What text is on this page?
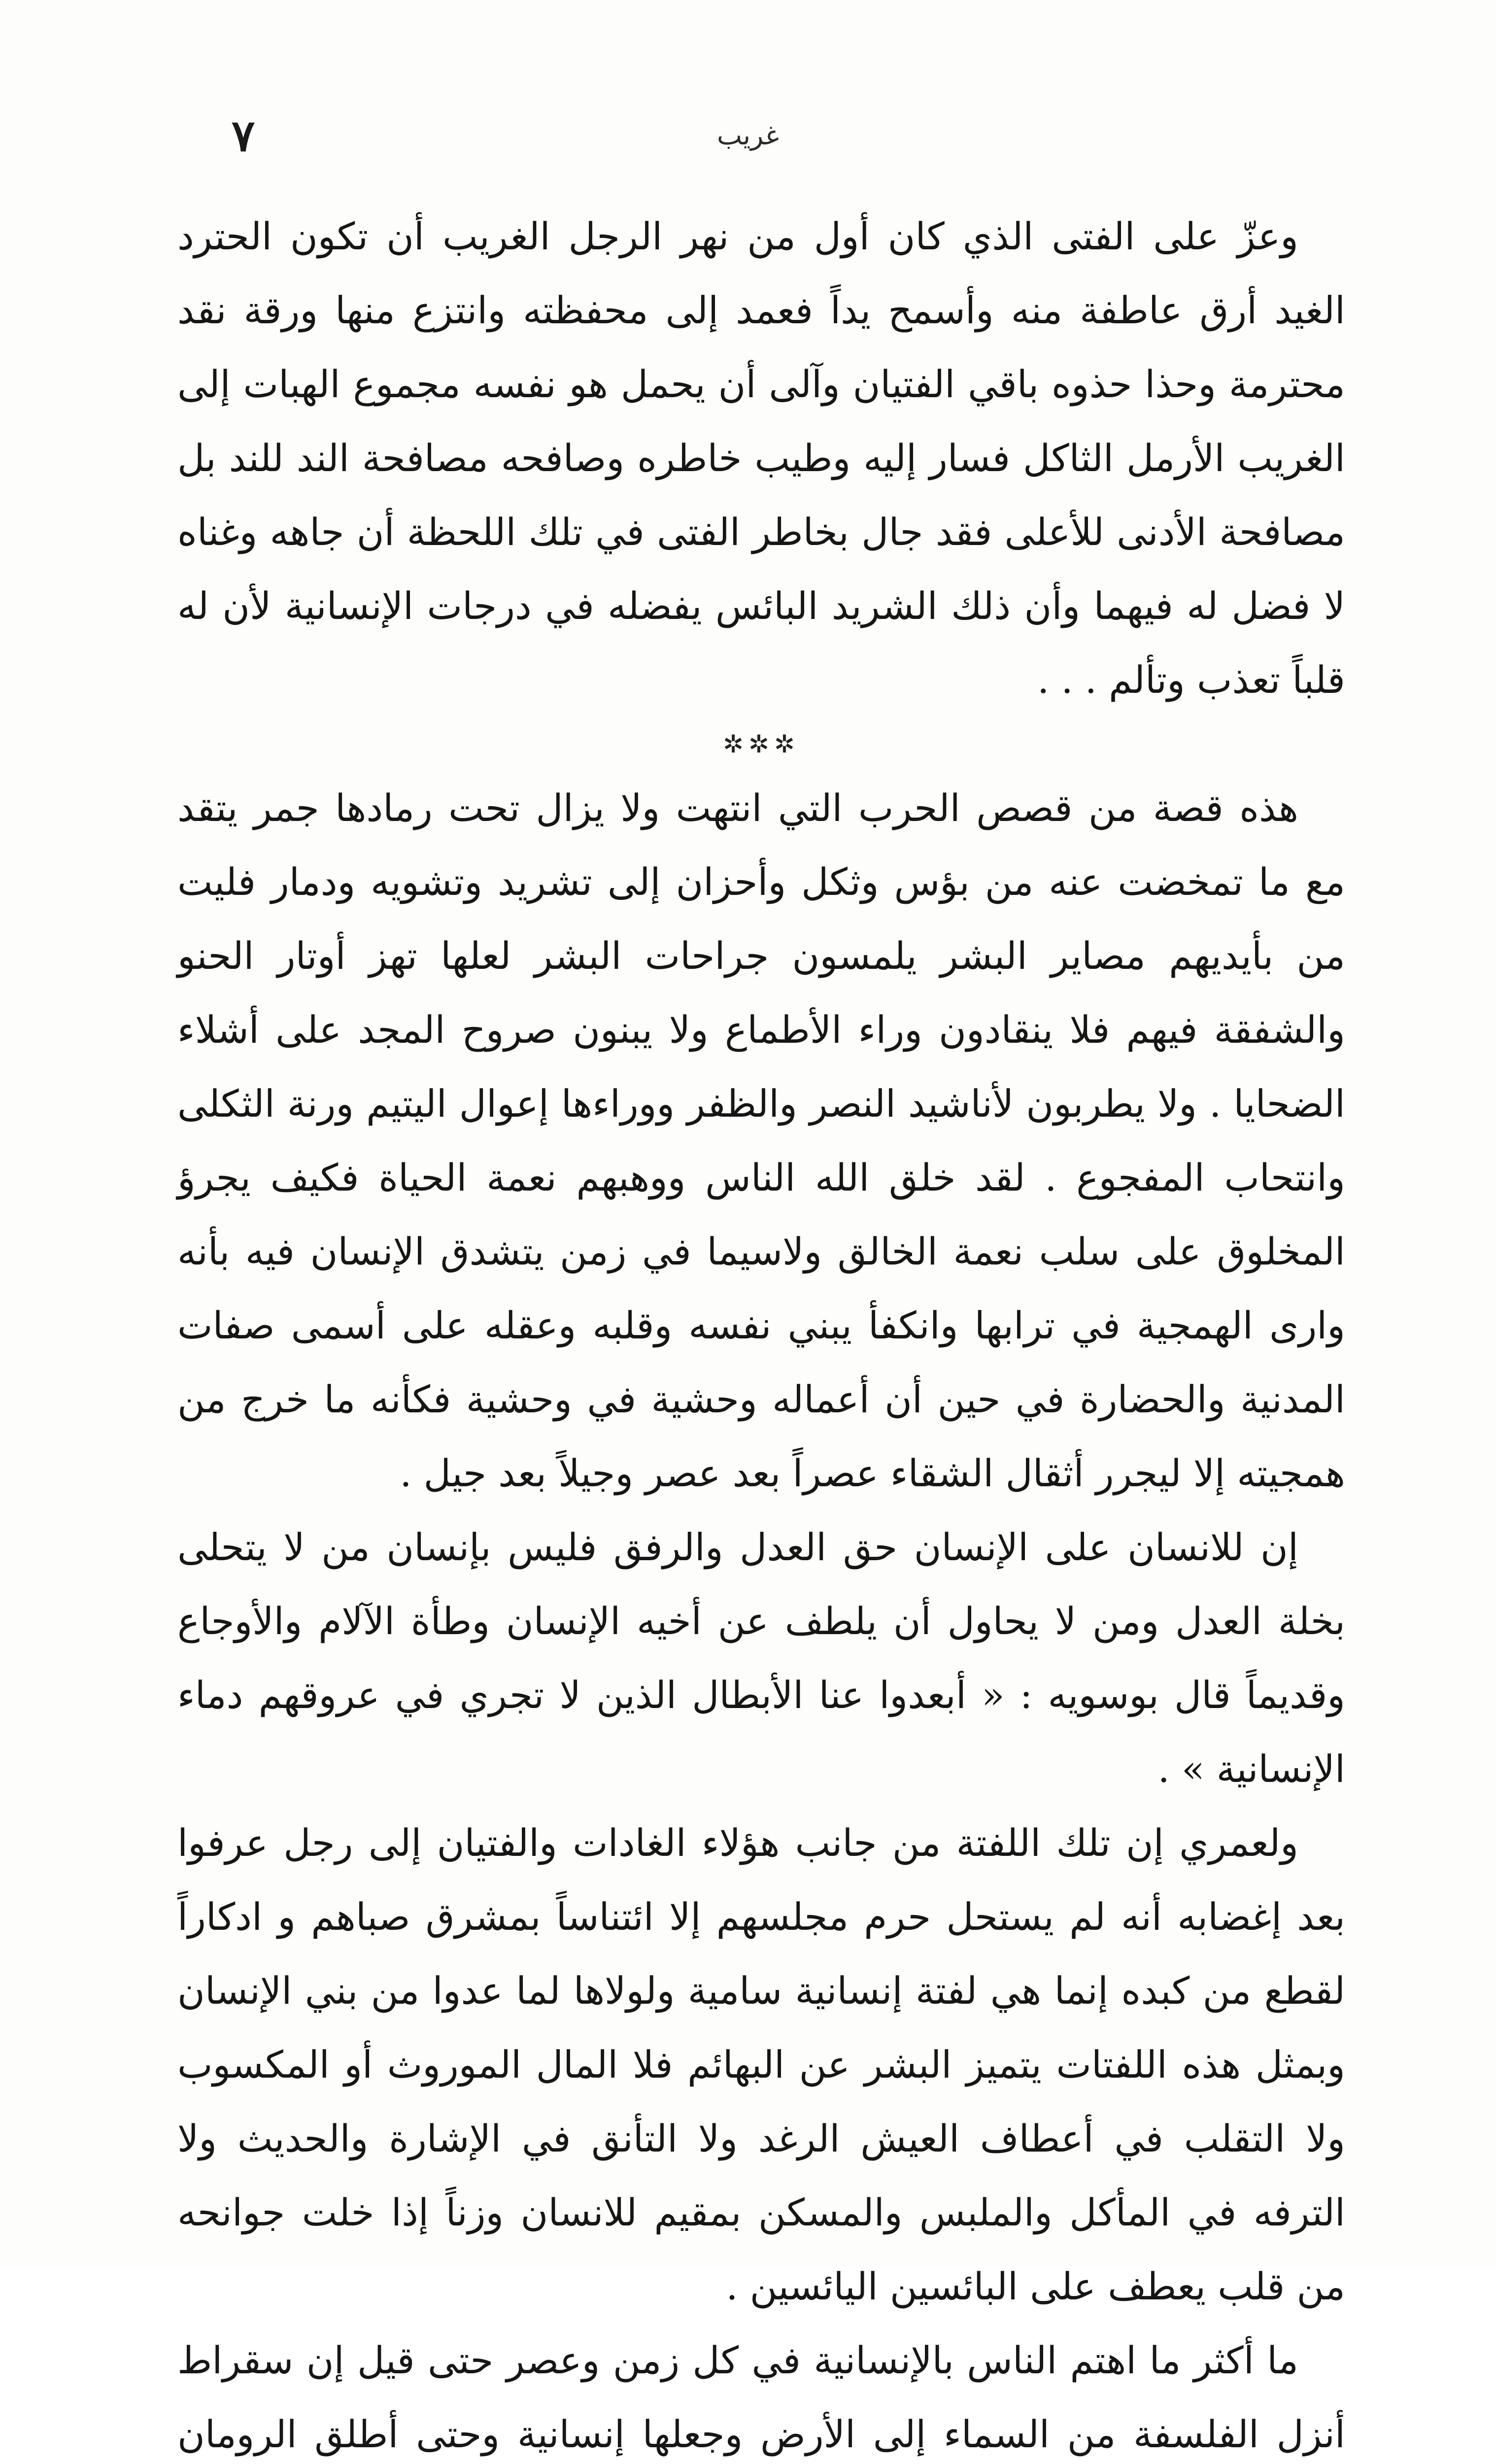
غريب
٧

وعزّ على الفتى الذي كان أول من نهر الرجل الغريب أن تكون الحترد الغيد أرق عاطفة منه وأسمح يداً فعمد إلى محفظته وانتزع منها ورقة نقد محترمة وحذا حذوه باقي الفتيان وآلى أن يحمل هو نفسه مجموع الهبات إلى الغريب الأرمل الثاكل فسار إليه وطيب خاطره وصافحه مصافحة الند للند بل مصافحة الأدنى للأعلى فقد جال بخاطر الفتى في تلك اللحظة أن جاهه وغناه لا فضل له فيهما وأن ذلك الشريد البائس يفضله في درجات الإنسانية لأن له قلباً تعذب وتألم . . .

✲✲✲

هذه قصة من قصص الحرب التي انتهت ولا يزال تحت رمادها جمر يتقد مع ما تمخضت عنه من بؤس وثكل وأحزان إلى تشريد وتشويه ودمار فليت من بأيديهم مصاير البشر يلمسون جراحات البشر لعلها تهز أوتار الحنو والشفقة فيهم فلا ينقادون وراء الأطماع ولا يبنون صروح المجد على أشلاء الضحايا . ولا يطربون لأناشيد النصر والظفر ووراءها إعوال اليتيم ورنة الثكلى وانتحاب المفجوع . لقد خلق الله الناس ووهبهم نعمة الحياة فكيف يجرؤ المخلوق على سلب نعمة الخالق ولاسيما في زمن يتشدق الإنسان فيه بأنه وارى الهمجية في ترابها وانكفأ يبني نفسه وقلبه وعقله على أسمى صفات المدنية والحضارة في حين أن أعماله وحشية في وحشية فكأنه ما خرج من همجيته إلا ليجرر أثقال الشقاء عصراً بعد عصر وجيلاً بعد جيل .

إن للانسان على الإنسان حق العدل والرفق فليس بإنسان من لا يتحلى بخلة العدل ومن لا يحاول أن يلطف عن أخيه الإنسان وطأة الآلام والأوجاع وقديماً قال بوسويه : « أبعدوا عنا الأبطال الذين لا تجري في عروقهم دماء الإنسانية » .

ولعمري إن تلك اللفتة من جانب هؤلاء الغادات والفتيان إلى رجل عرفوا بعد إغضابه أنه لم يستحل حرم مجلسهم إلا ائتناساً بمشرق صباهم و ادكاراً لقطع من كبده إنما هي لفتة إنسانية سامية ولولاها لما عدوا من بني الإنسان وبمثل هذه اللفتات يتميز البشر عن البهائم فلا المال الموروث أو المكسوب ولا التقلب في أعطاف العيش الرغد ولا التأنق في الإشارة والحديث ولا الترفه في المأكل والملبس والمسكن بمقيم للانسان وزناً إذا خلت جوانحه من قلب يعطف على البائسين اليائسين .

ما أكثر ما اهتم الناس بالإنسانية في كل زمن وعصر حتى قيل إن سقراط أنزل الفلسفة من السماء إلى الأرض وجعلها إنسانية وحتى أطلق الرومان
